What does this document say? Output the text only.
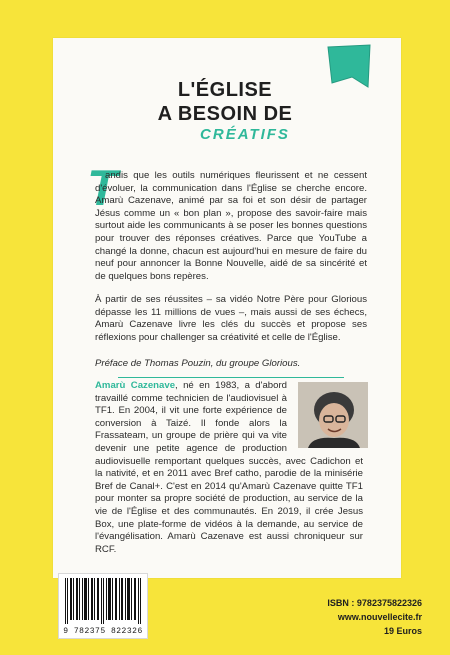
L'ÉGLISE
A BESOIN DE
CRÉATIFS
T
andis que les outils numériques fleurissent et ne cessent d'évoluer, la communication dans l'Église se cherche encore. Amarù Cazenave, animé par sa foi et son désir de partager Jésus comme un « bon plan », propose des savoir-faire mais surtout aide les communicants à se poser les bonnes questions pour trouver des réponses créatives. Parce que YouTube a changé la donne, chacun est aujourd'hui en mesure de faire du neuf pour annoncer la Bonne Nouvelle, aidé de sa sincérité et de quelques bons repères.
À partir de ses réussites – sa vidéo Notre Père pour Glorious dépasse les 11 millions de vues –, mais aussi de ses échecs, Amarù Cazenave livre les clés du succès et propose ses réflexions pour challenger sa créativité et celle de l'Église.
Préface de Thomas Pouzin, du groupe Glorious.
Amarù Cazenave, né en 1983, a d'abord travaillé comme technicien de l'audiovisuel à TF1. En 2004, il vit une forte expérience de conversion à Taizé. Il fonde alors la Frassateam, un groupe de prière qui va vite devenir une petite agence de production audiovisuelle remportant quelques succès, avec Cadichon et la nativité, et en 2011 avec Bref catho, parodie de la minisérie Bref de Canal+. C'est en 2014 qu'Amarù Cazenave quitte TF1 pour monter sa propre société de production, au service de la vie de l'Église et des communautés. En 2019, il crée Jesus Box, une plate-forme de vidéos à la demande, au service de l'évangélisation. Amarù Cazenave est aussi chroniqueur sur RCF.
9 782375 822326
ISBN : 9782375822326
www.nouvellecite.fr
19 Euros
